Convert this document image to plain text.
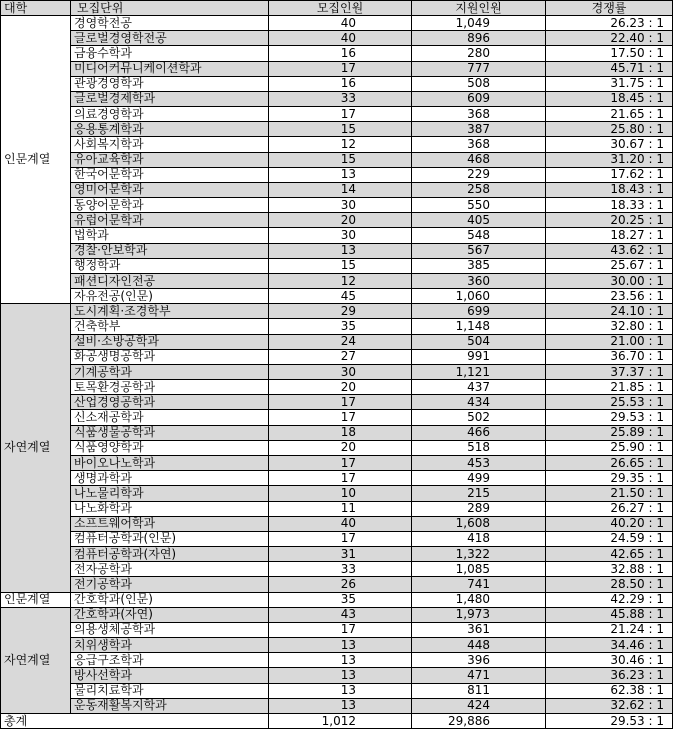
대학	모집단위	모집인원	지원인원	경쟁률
인문계열	경영학전공	40	1,049	26.23 : 1
	글로벌경영학전공	40	896	22.40 : 1
	금융수학과	16	280	17.50 : 1
	미디어커뮤니케이션학과	17	777	45.71 : 1
	관광경영학과	16	508	31.75 : 1
	글로벌경제학과	33	609	18.45 : 1
	의료경영학과	17	368	21.65 : 1
	응용통계학과	15	387	25.80 : 1
	사회복지학과	12	368	30.67 : 1
	유아교육학과	15	468	31.20 : 1
	한국어문학과	13	229	17.62 : 1
	영미어문학과	14	258	18.43 : 1
	동양어문학과	30	550	18.33 : 1
	유럽어문학과	20	405	20.25 : 1
	법학과	30	548	18.27 : 1
	경찰·안보학과	13	567	43.62 : 1
	행정학과	15	385	25.67 : 1
	패션디자인전공	12	360	30.00 : 1
	자유전공(인문)	45	1,060	23.56 : 1
자연계열	도시계획·조경학부	29	699	24.10 : 1
	건축학부	35	1,148	32.80 : 1
	설비·소방공학과	24	504	21.00 : 1
	화공생명공학과	27	991	36.70 : 1
	기계공학과	30	1,121	37.37 : 1
	토목환경공학과	20	437	21.85 : 1
	산업경영공학과	17	434	25.53 : 1
	신소재공학과	17	502	29.53 : 1
	식품생물공학과	18	466	25.89 : 1
	식품영양학과	20	518	25.90 : 1
	바이오나노학과	17	453	26.65 : 1
	생명과학과	17	499	29.35 : 1
	나노물리학과	10	215	21.50 : 1
	나노화학과	11	289	26.27 : 1
	소프트웨어학과	40	1,608	40.20 : 1
	컴퓨터공학과(인문)	17	418	24.59 : 1
	컴퓨터공학과(자연)	31	1,322	42.65 : 1
	전자공학과	33	1,085	32.88 : 1
	전기공학과	26	741	28.50 : 1
인문계열	간호학과(인문)	35	1,480	42.29 : 1
자연계열	간호학과(자연)	43	1,973	45.88 : 1
	의용생체공학과	17	361	21.24 : 1
	치위생학과	13	448	34.46 : 1
	응급구조학과	13	396	30.46 : 1
	방사선학과	13	471	36.23 : 1
	물리치료학과	13	811	62.38 : 1
	운동재활복지학과	13	424	32.62 : 1
총계		1,012	29,886	29.53 : 1
